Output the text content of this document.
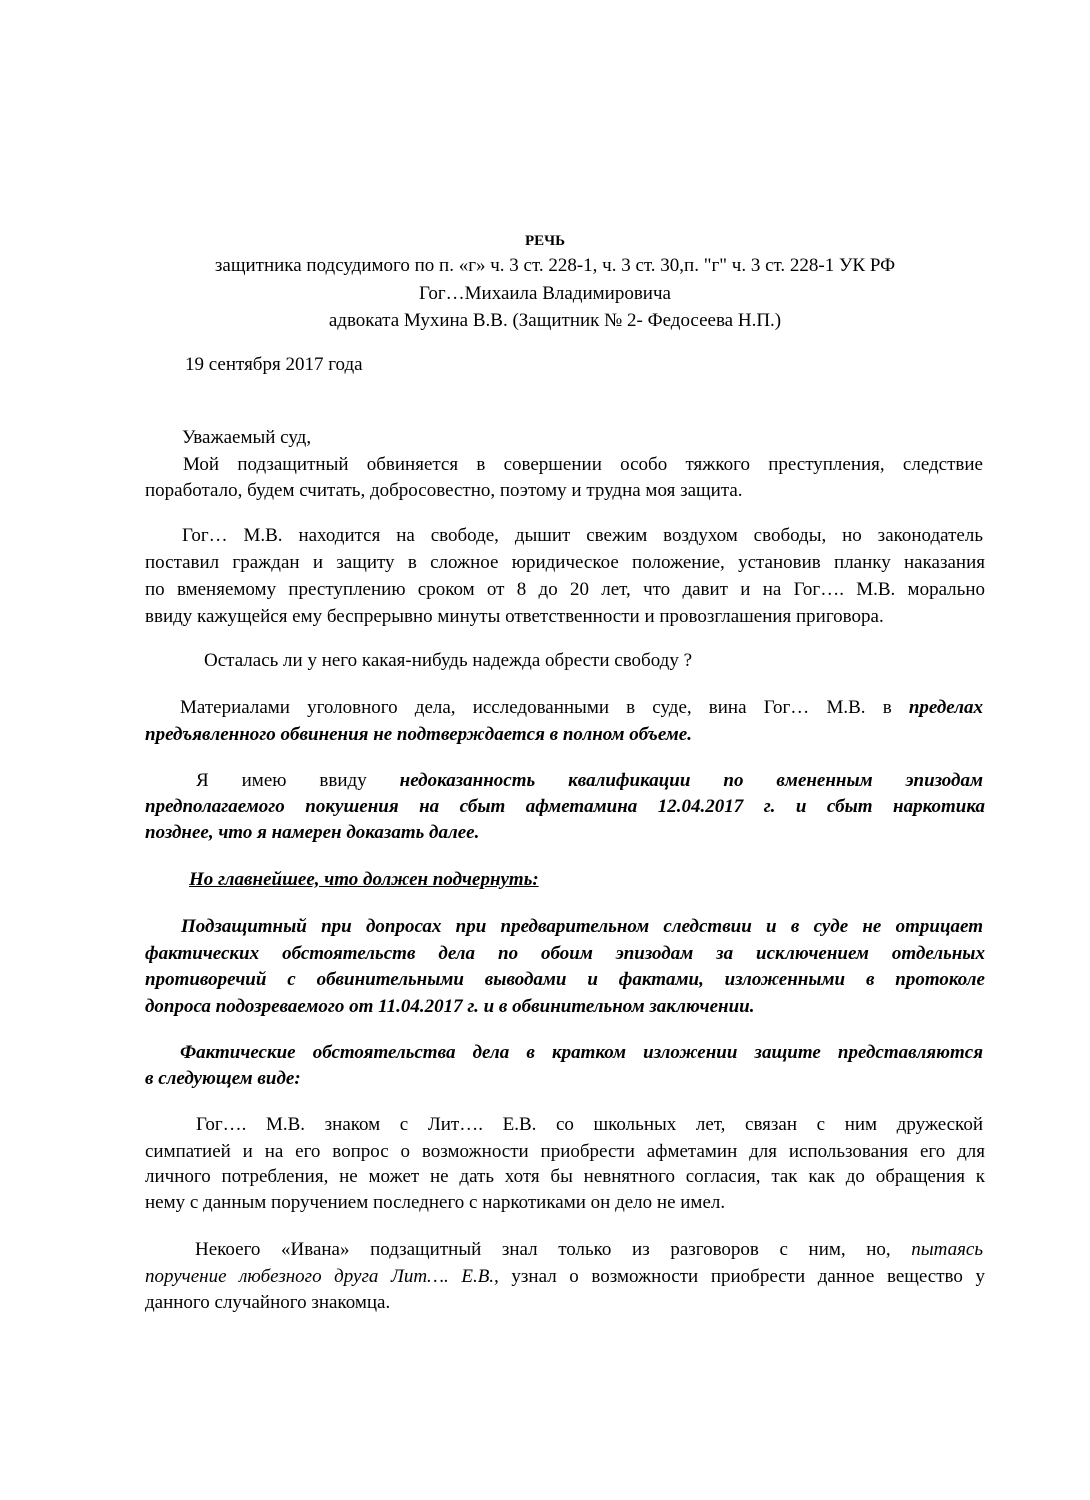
РЕЧЬ
защитника подсудимого по п. «г» ч. 3 ст. 228-1, ч. 3 ст. 30,п. "г" ч. 3 ст. 228-1 УК РФ
Гог…Михаила Владимировича
адвоката Мухина В.В. (Защитник № 2- Федосеева Н.П.)
19 сентября 2017 года
Уважаемый суд,
Мой подзащитный обвиняется в совершении особо тяжкого преступления, следствие
поработало, будем считать, добросовестно, поэтому и трудна моя защита.
Гог… М.В. находится на свободе, дышит свежим воздухом свободы, но законодатель
поставил граждан и защиту в сложное юридическое положение, установив планку наказания
по вменяемому преступлению сроком от 8 до 20 лет, что давит и на Гог…. М.В. морально
ввиду кажущейся ему беспрерывно минуты ответственности и провозглашения приговора.
Осталась ли у него какая-нибудь надежда обрести свободу ?
Материалами уголовного дела, исследованными в суде, вина Гог… М.В. в пределах
предъявленного обвинения не подтверждается в полном объеме.
Я имею ввиду недоказанность квалификации по вмененным эпизодам
предполагаемого покушения на сбыт афметамина 12.04.2017 г. и сбыт наркотика
позднее, что я намерен доказать далее.
Но главнейшее, что должен подчернуть:
Подзащитный при допросах при предварительном следствии и в суде не отрицает
фактических обстоятельств дела по обоим эпизодам за исключением отдельных
противоречий с обвинительными выводами и фактами, изложенными в протоколе
допроса подозреваемого от 11.04.2017 г. и в обвинительном заключении.
Фактические обстоятельства дела в кратком изложении защите представляются
в следующем виде:
Гог…. М.В. знаком с Лит…. Е.В. со школьных лет, связан с ним дружеской
симпатией и на его вопрос о возможности приобрести афметамин для использования его для
личного потребления, не может не дать хотя бы невнятного согласия, так как до обращения к
нему с данным поручением последнего с наркотиками он дело не имел.
Некоего «Ивана» подзащитный знал только из разговоров с ним, но, пытаясь
поручение любезного друга Лит…. Е.В., узнал о возможности приобрести данное вещество у
данного случайного знакомца.
